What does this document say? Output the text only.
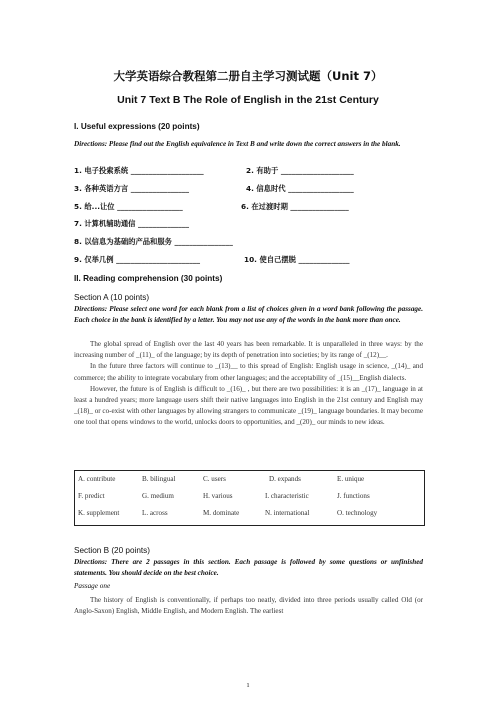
大学英语综合教程第二册自主学习测试题（Unit 7）
Unit 7 Text B The Role of English in the 21st Century
I. Useful expressions (20 points)
Directions: Please find out the English equivalence in Text B and write down the correct answers in the blank.
1. 电子投索系统 ____________________	2. 有助于 ____________________
3. 各种英语方言 ________________	4. 信息时代 __________________
5. 给...让位 __________________	6. 在过渡时期 ________________
7. 计算机辅助通信 ______________
8. 以信息为基础的产品和服务 ________________
9. 仅举几例 _______________________	10. 使自己摆脱 ______________
II. Reading comprehension (30 points)
Section A (10 points)
Directions: Please select one word for each blank from a list of choices given in a word bank following the passage. Each choice in the bank is identified by a letter. You may not use any of the words in the bank more than once.

The global spread of English over the last 40 years has been remarkable. It is unparalleled in three ways: by the increasing number of _(11)_ of the language; by its depth of penetration into societies; by its range of _(12)__.

In the future three factors will continue to _(13)__ to this spread of English: English usage in science, _(14)_ and commerce; the ability to integrate vocabulary from other languages; and the acceptability of _(15)__English dialects.

However, the future is of English is difficult to _(16)_ , but there are two possibilities: it is an _(17)_ language in at least a hundred years; more language users shift their native languages into English in the 21st century and English may _(18)_ or co-exist with other languages by allowing strangers to communicate _(19)_ language boundaries. It may become one tool that opens windows to the world, unlocks doors to opportunities, and _(20)_ our minds to new ideas.

A. contribute	B. bilingual	C. users	D. expands	E. unique
F. predict	G. medium	H. various	I. characteristic	J. functions
K. supplement	L. across	M. dominate	N. international	O. technology
Section B (20 points)
Directions: There are 2 passages in this section. Each passage is followed by some questions or unfinished statements. You should decide on the best choice.
Passage one
The history of English is conventionally, if perhaps too neatly, divided into three periods usually called Old (or Anglo-Saxon) English, Middle English, and Modern English. The earliest
1
